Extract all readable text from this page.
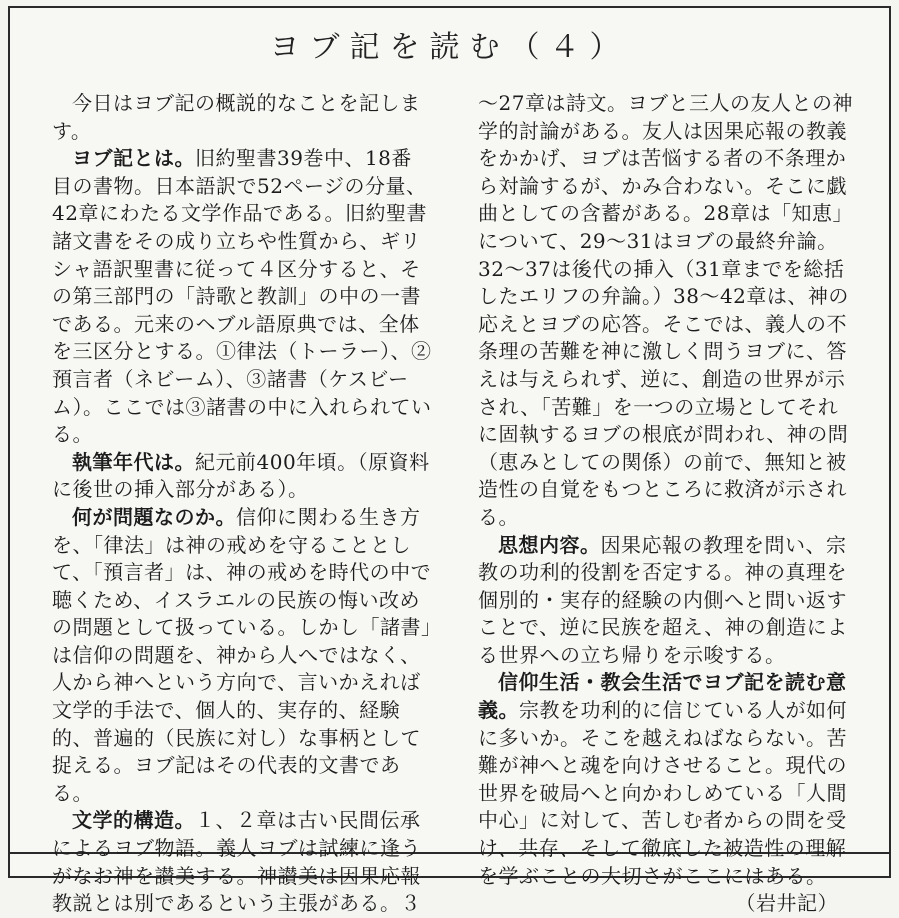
ヨブ記を読む（４）

今日はヨブ記の概説的なことを記します。

ヨブ記とは。旧約聖書39巻中、18番目の書物。日本語訳で52ページの分量、42章にわたる文学作品である。旧約聖書諸文書をその成り立ちや性質から、ギリシャ語訳聖書に従って４区分すると、その第三部門の「詩歌と教訓」の中の一書である。元来のヘブル語原典では、全体を三区分とする。①律法（トーラー）、②預言者（ネビーム）、③諸書（ケスビーム）。ここでは③諸書の中に入れられている。

執筆年代は。紀元前400年頃。（原資料に後世の挿入部分がある）。

何が問題なのか。信仰に関わる生き方を、「律法」は神の戒めを守ることとして、「預言者」は、神の戒めを時代の中で聴くため、イスラエルの民族の悔い改めの問題として扱っている。しかし「諸書」は信仰の問題を、神から人へではなく、人から神へという方向で、言いかえれば文学的手法で、個人的、実存的、経験的、普遍的（民族に対し）な事柄として捉える。ヨブ記はその代表的文書である。

文学的構造。１、２章は古い民間伝承によるヨブ物語。義人ヨブは試練に逢うがなお神を讃美する。神讃美は因果応報教説とは別であるという主張がある。３

〜27章は詩文。ヨブと三人の友人との神学的討論がある。友人は因果応報の教義をかかげ、ヨブは苦悩する者の不条理から対論するが、かみ合わない。そこに戯曲としての含蓄がある。28章は「知恵」について、29〜31はヨブの最終弁論。32〜37は後代の挿入（31章までを総括したエリフの弁論。）38〜42章は、神の応えとヨブの応答。そこでは、義人の不条理の苦難を神に激しく問うヨブに、答えは与えられず、逆に、創造の世界が示され、「苦難」を一つの立場としてそれに固執するヨブの根底が問われ、神の問（恵みとしての関係）の前で、無知と被造性の自覚をもつところに救済が示される。

思想内容。因果応報の教理を問い、宗教の功利的役割を否定する。神の真理を個別的・実存的経験の内側へと問い返すことで、逆に民族を超え、神の創造による世界への立ち帰りを示唆する。

信仰生活・教会生活でヨブ記を読む意義。宗教を功利的に信じている人が如何に多いか。そこを越えねばならない。苦難が神へと魂を向けさせること。現代の世界を破局へと向かわしめている「人間中心」に対して、苦しむ者からの問を受け、共存、そして徹底した被造性の理解を学ぶことの大切さがここにはある。

（岩井記）
